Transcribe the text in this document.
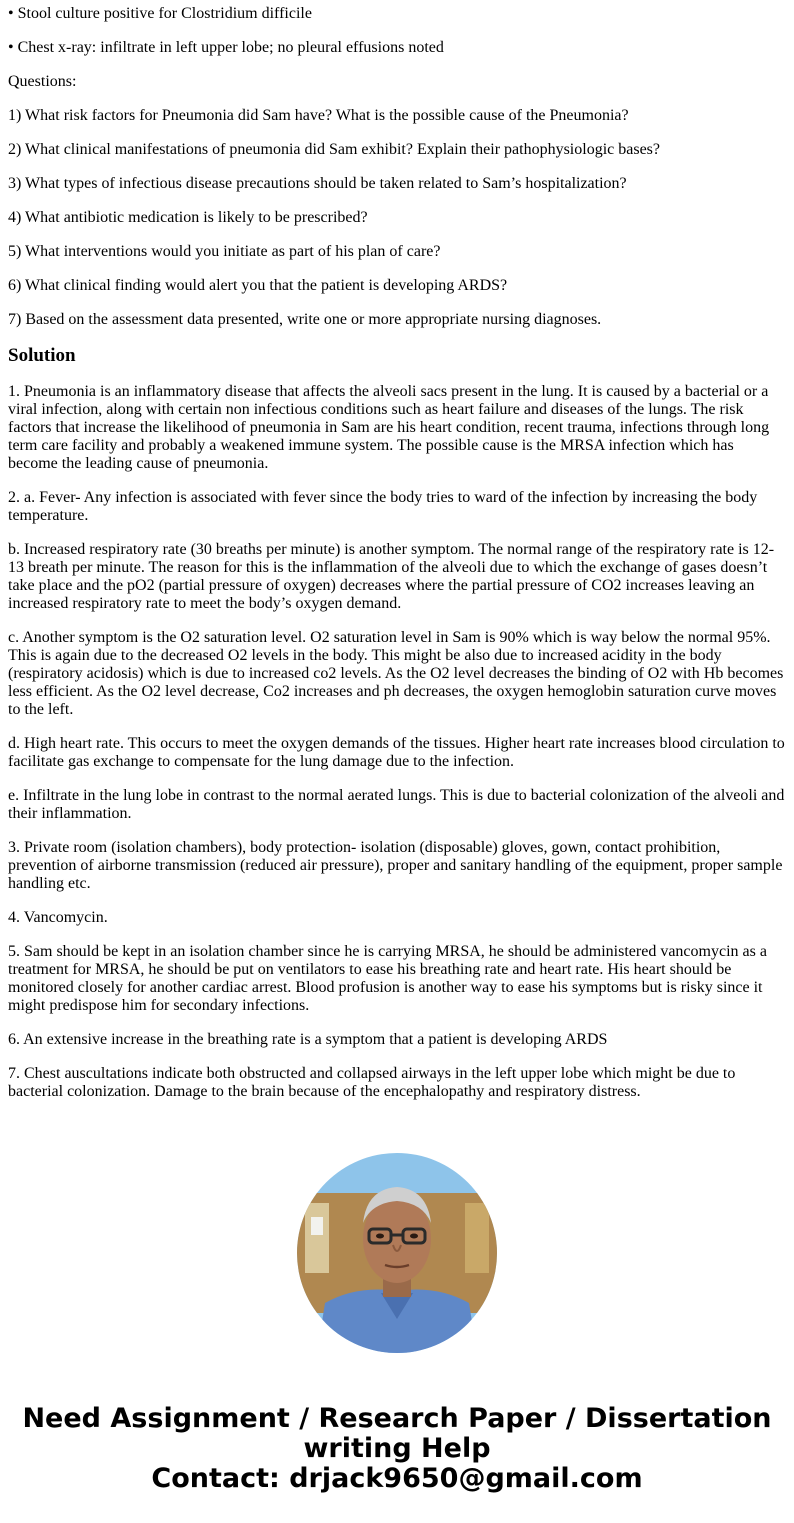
• Stool culture positive for Clostridium difficile

• Chest x-ray: infiltrate in left upper lobe; no pleural effusions noted

Questions:

1) What risk factors for Pneumonia did Sam have? What is the possible cause of the Pneumonia?

2) What clinical manifestations of pneumonia did Sam exhibit? Explain their pathophysiologic bases?

3) What types of infectious disease precautions should be taken related to Sam’s hospitalization?

4) What antibiotic medication is likely to be prescribed?

5) What interventions would you initiate as part of his plan of care?

6) What clinical finding would alert you that the patient is developing ARDS?

7) Based on the assessment data presented, write one or more appropriate nursing diagnoses.

Solution

1. Pneumonia is an inflammatory disease that affects the alveoli sacs present in the lung. It is caused by a bacterial or a viral infection, along with certain non infectious conditions such as heart failure and diseases of the lungs. The risk factors that increase the likelihood of pneumonia in Sam are his heart condition, recent trauma, infections through long term care facility and probably a weakened immune system. The possible cause is the MRSA infection which has become the leading cause of pneumonia.

2. a. Fever- Any infection is associated with fever since the body tries to ward of the infection by increasing the body temperature.

b. Increased respiratory rate (30 breaths per minute) is another symptom. The normal range of the respiratory rate is 12-13 breath per minute. The reason for this is the inflammation of the alveoli due to which the exchange of gases doesn’t take place and the pO2 (partial pressure of oxygen) decreases where the partial pressure of CO2 increases leaving an increased respiratory rate to meet the body’s oxygen demand.

c. Another symptom is the O2 saturation level. O2 saturation level in Sam is 90% which is way below the normal 95%. This is again due to the decreased O2 levels in the body. This might be also due to increased acidity in the body (respiratory acidosis) which is due to increased co2 levels. As the O2 level decreases the binding of O2 with Hb becomes less efficient. As the O2 level decrease, Co2 increases and ph decreases, the oxygen hemoglobin saturation curve moves to the left.

d. High heart rate. This occurs to meet the oxygen demands of the tissues. Higher heart rate increases blood circulation to facilitate gas exchange to compensate for the lung damage due to the infection.

e. Infiltrate in the lung lobe in contrast to the normal aerated lungs. This is due to bacterial colonization of the alveoli and their inflammation.

3. Private room (isolation chambers), body protection- isolation (disposable) gloves, gown, contact prohibition, prevention of airborne transmission (reduced air pressure), proper and sanitary handling of the equipment, proper sample handling etc.

4. Vancomycin.

5. Sam should be kept in an isolation chamber since he is carrying MRSA, he should be administered vancomycin as a treatment for MRSA, he should be put on ventilators to ease his breathing rate and heart rate. His heart should be monitored closely for another cardiac arrest. Blood profusion is another way to ease his symptoms but is risky since it might predispose him for secondary infections.

6. An extensive increase in the breathing rate is a symptom that a patient is developing ARDS

7. Chest auscultations indicate both obstructed and collapsed airways in the left upper lobe which might be due to bacterial colonization. Damage to the brain because of the encephalopathy and respiratory distress.

Need Assignment / Research Paper / Dissertation
writing Help
Contact: drjack9650@gmail.com
